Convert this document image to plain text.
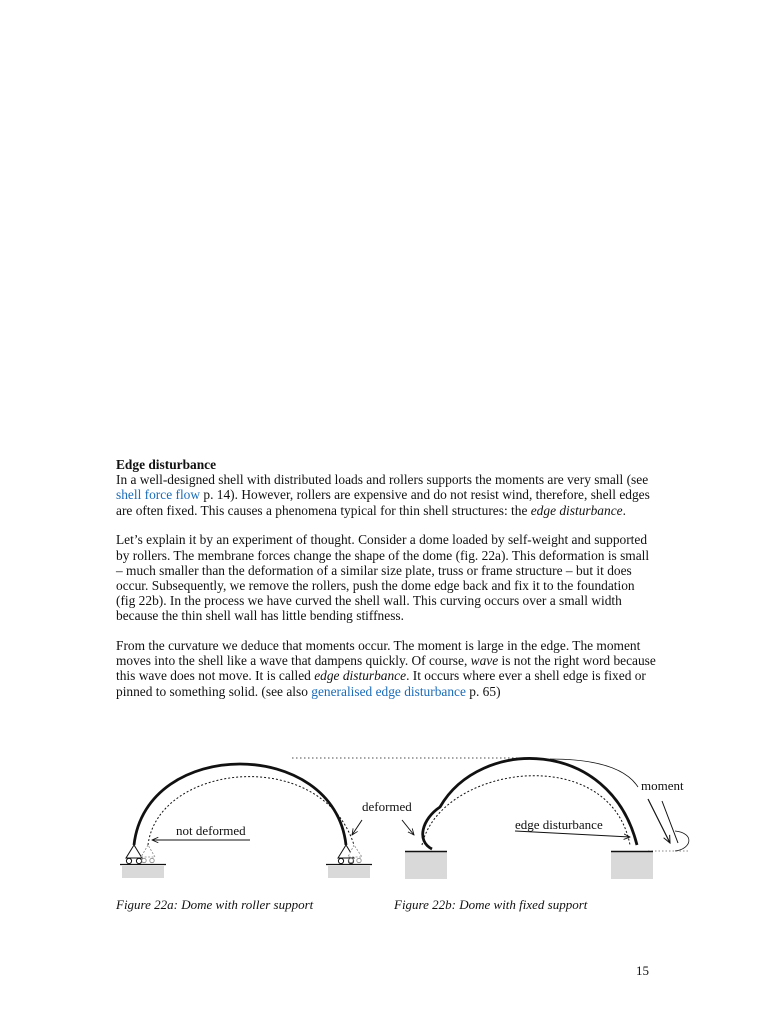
Edge disturbance

In a well-designed shell with distributed loads and rollers supports the moments are very small (see shell force flow p. 14). However, rollers are expensive and do not resist wind, therefore, shell edges are often fixed. This causes a phenomena typical for thin shell structures: the edge disturbance.

Let’s explain it by an experiment of thought. Consider a dome loaded by self-weight and supported by rollers. The membrane forces change the shape of the dome (fig. 22a). This deformation is small – much smaller than the deformation of a similar size plate, truss or frame structure – but it does occur. Subsequently, we remove the rollers, push the dome edge back and fix it to the foundation (fig 22b). In the process we have curved the shell wall. This curving occurs over a small width because the thin shell wall has little bending stiffness.

From the curvature we deduce that moments occur. The moment is large in the edge. The moment moves into the shell like a wave that dampens quickly. Of course, wave is not the right word because this wave does not move. It is called edge disturbance. It occurs where ever a shell edge is fixed or pinned to something solid. (see also generalised edge disturbance p. 65)

not deformed
deformed
edge disturbance
moment

Figure 22a: Dome with roller support	Figure 22b: Dome with fixed support

15
